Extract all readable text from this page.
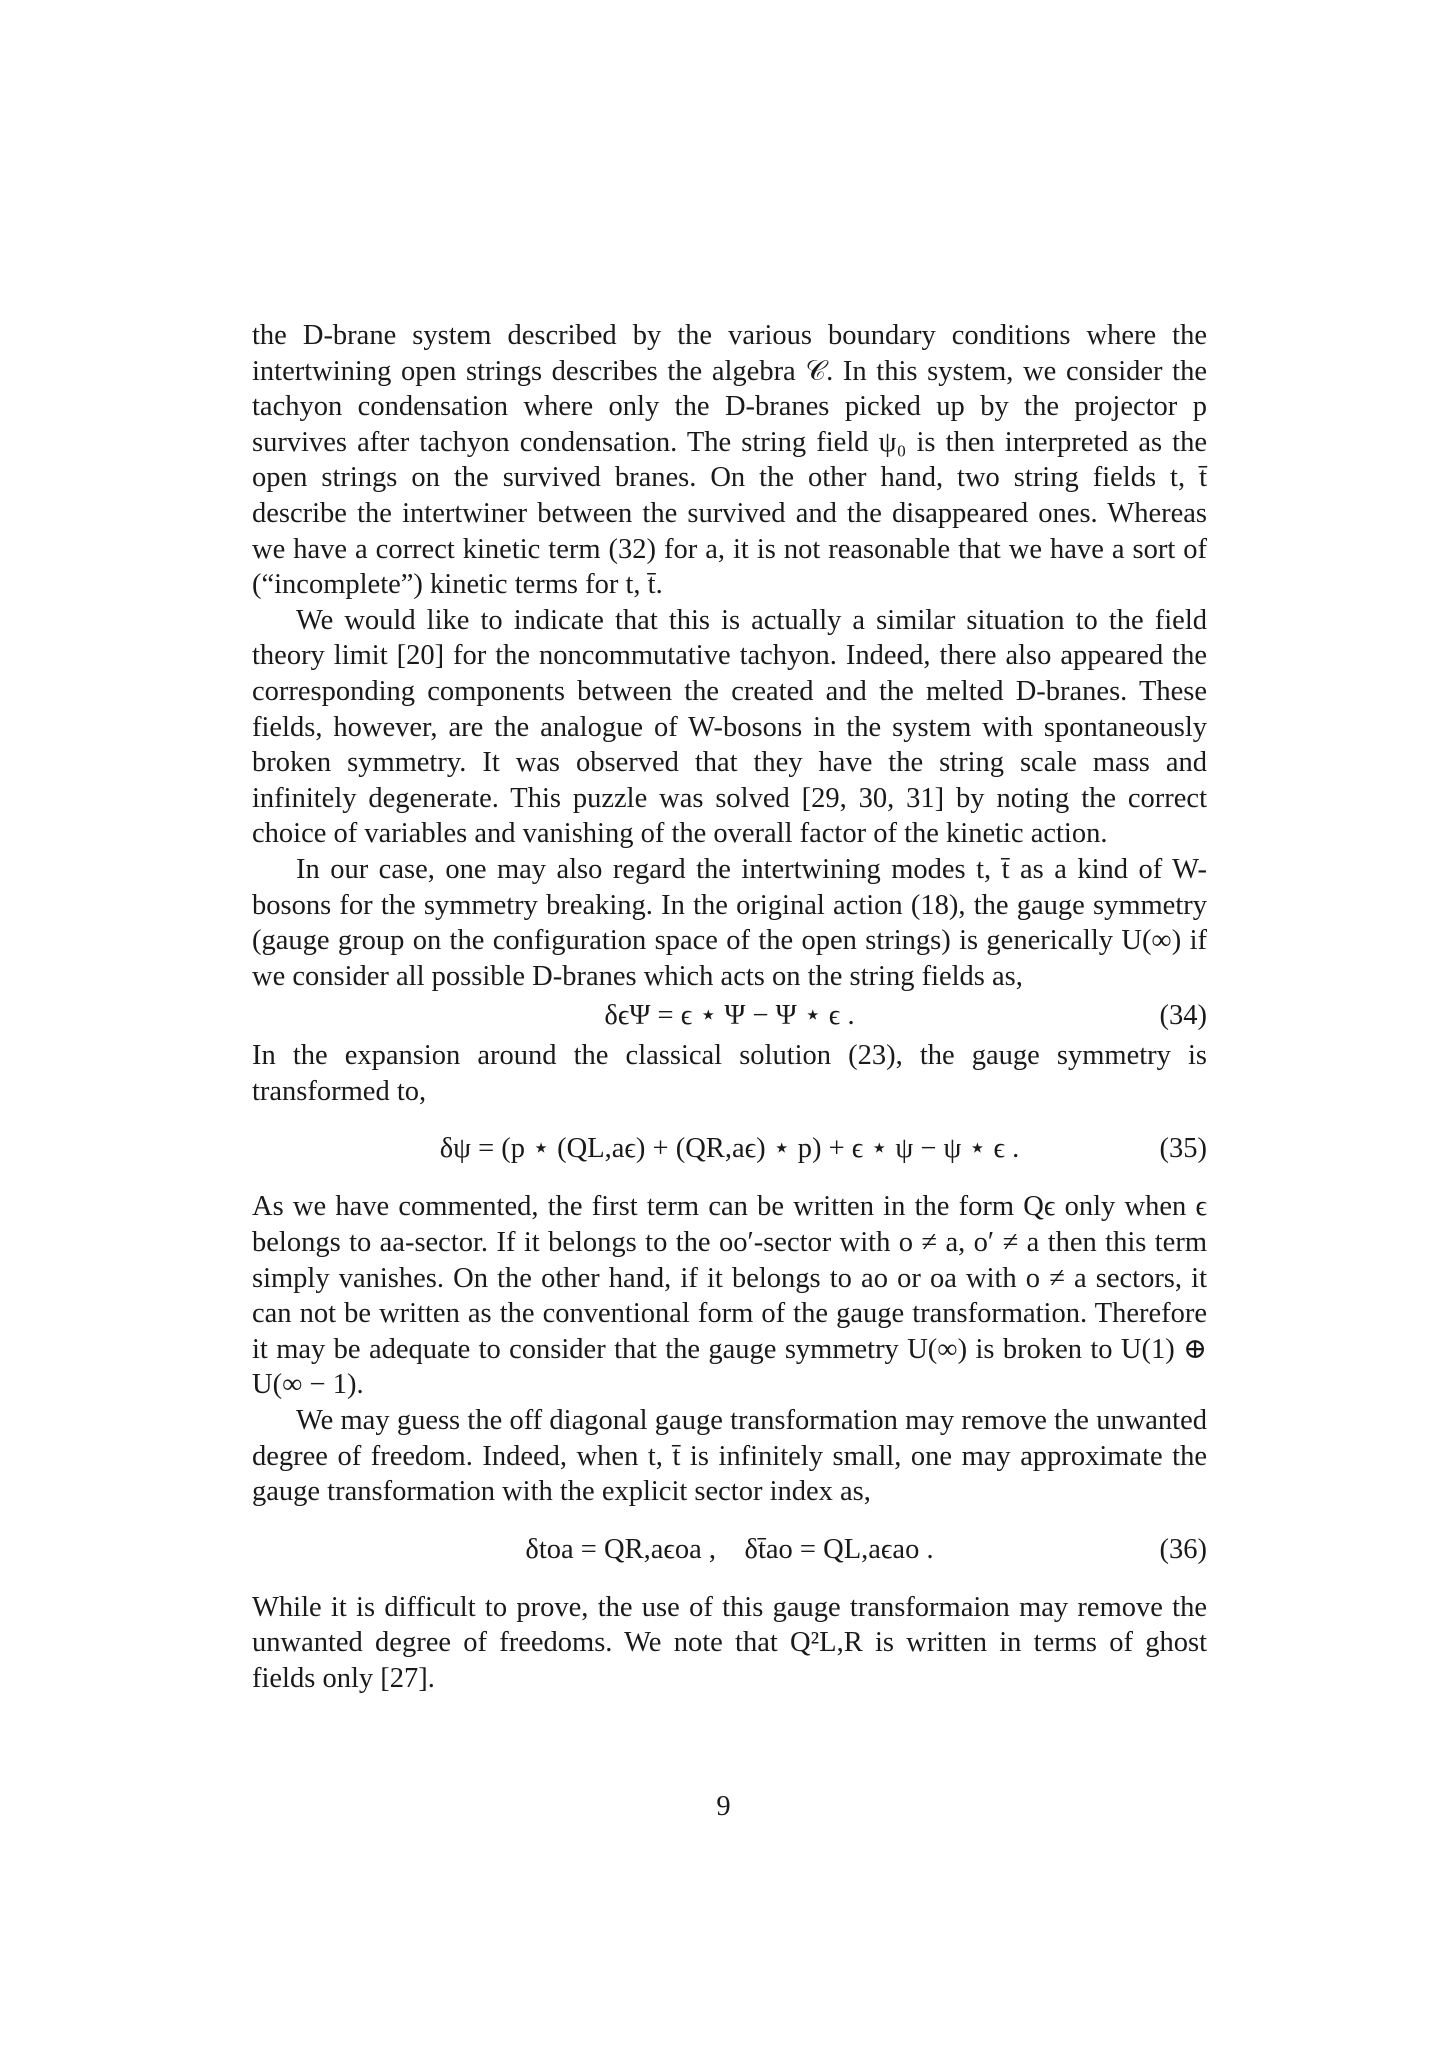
the D-brane system described by the various boundary conditions where the intertwining open strings describes the algebra 𝒞. In this system, we consider the tachyon condensation where only the D-branes picked up by the projector p survives after tachyon condensation. The string field ψ₀ is then interpreted as the open strings on the survived branes. On the other hand, two string fields t, t̄ describe the intertwiner between the survived and the disappeared ones. Whereas we have a correct kinetic term (32) for a, it is not reasonable that we have a sort of (“incomplete”) kinetic terms for t, t̄.

We would like to indicate that this is actually a similar situation to the field theory limit [20] for the noncommutative tachyon. Indeed, there also appeared the corresponding components between the created and the melted D-branes. These fields, however, are the analogue of W-bosons in the system with spontaneously broken symmetry. It was observed that they have the string scale mass and infinitely degenerate. This puzzle was solved [29, 30, 31] by noting the correct choice of variables and vanishing of the overall factor of the kinetic action.

In our case, one may also regard the intertwining modes t, t̄ as a kind of W-bosons for the symmetry breaking. In the original action (18), the gauge symmetry (gauge group on the configuration space of the open strings) is generically U(∞) if we consider all possible D-branes which acts on the string fields as,

δϵΨ = ϵ ⋆ Ψ − Ψ ⋆ ϵ .	(34)

In the expansion around the classical solution (23), the gauge symmetry is transformed to,

δψ = (p ⋆ (QL,aϵ) + (QR,aϵ) ⋆ p) + ϵ ⋆ ψ − ψ ⋆ ϵ .	(35)

As we have commented, the first term can be written in the form Qϵ only when ϵ belongs to aa-sector. If it belongs to the oo′-sector with o ≠ a, o′ ≠ a then this term simply vanishes. On the other hand, if it belongs to ao or oa with o ≠ a sectors, it can not be written as the conventional form of the gauge transformation. Therefore it may be adequate to consider that the gauge symmetry U(∞) is broken to U(1) ⊕ U(∞ − 1).

We may guess the off diagonal gauge transformation may remove the unwanted degree of freedom. Indeed, when t, t̄ is infinitely small, one may approximate the gauge transformation with the explicit sector index as,

δtoa = QR,aϵoa ,    δt̄ao = QL,aϵao .	(36)

While it is difficult to prove, the use of this gauge transformaion may remove the unwanted degree of freedoms. We note that Q²L,R is written in terms of ghost fields only [27].

9
